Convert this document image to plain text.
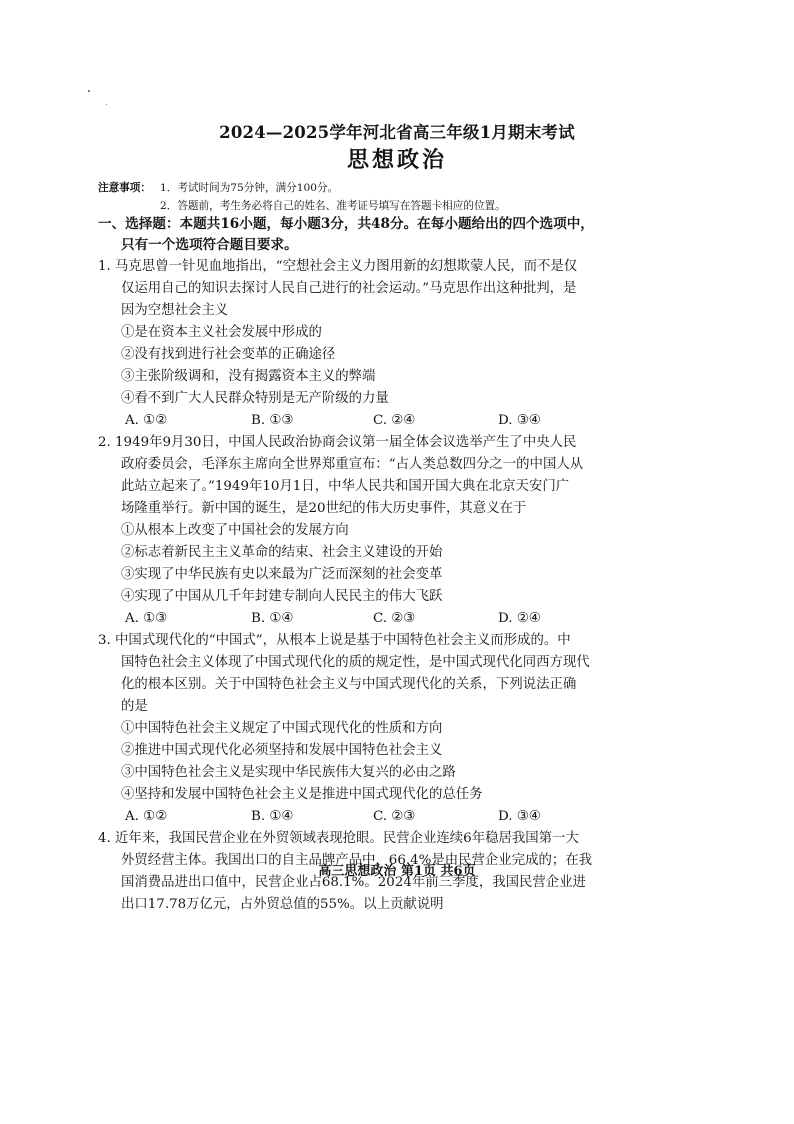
2024—2025学年河北省高三年级1月期末考试
思想政治
注意事项： 1．考试时间为75分钟，满分100分。
2．答题前，考生务必将自己的姓名、准考证号填写在答题卡相应的位置。
一、选择题：本题共16小题，每小题3分，共48分。在每小题给出的四个选项中，
只有一个选项符合题目要求。
1. 马克思曾一针见血地指出，“空想社会主义力图用新的幻想欺蒙人民，而不是仅
仅运用自己的知识去探讨人民自己进行的社会运动。”马克思作出这种批判，是
因为空想社会主义
①是在资本主义社会发展中形成的
②没有找到进行社会变革的正确途径
③主张阶级调和，没有揭露资本主义的弊端
④看不到广大人民群众特别是无产阶级的力量
A. ①②	B. ①③	C. ②④	D. ③④
2. 1949年9月30日，中国人民政治协商会议第一届全体会议选举产生了中央人民
政府委员会，毛泽东主席向全世界郑重宣布：“占人类总数四分之一的中国人从
此站立起来了。”1949年10月1日，中华人民共和国开国大典在北京天安门广
场隆重举行。新中国的诞生，是20世纪的伟大历史事件，其意义在于
①从根本上改变了中国社会的发展方向
②标志着新民主主义革命的结束、社会主义建设的开始
③实现了中华民族有史以来最为广泛而深刻的社会变革
④实现了中国从几千年封建专制向人民民主的伟大飞跃
A. ①③	B. ①④	C. ②③	D. ②④
3. 中国式现代化的“中国式”，从根本上说是基于中国特色社会主义而形成的。中
国特色社会主义体现了中国式现代化的质的规定性，是中国式现代化同西方现代
化的根本区别。关于中国特色社会主义与中国式现代化的关系，下列说法正确
的是
①中国特色社会主义规定了中国式现代化的性质和方向
②推进中国式现代化必须坚持和发展中国特色社会主义
③中国特色社会主义是实现中华民族伟大复兴的必由之路
④坚持和发展中国特色社会主义是推进中国式现代化的总任务
A. ①②	B. ①④	C. ②③	D. ③④
高三思想政治 第1页 共6页
4. 近年来，我国民营企业在外贸领域表现抢眼。民营企业连续6年稳居我国第一大
外贸经营主体。我国出口的自主品牌产品中，66.4%是由民营企业完成的；在我
国消费品进出口值中，民营企业占68.1%。2024年前三季度，我国民营企业进
出口17.78万亿元，占外贸总值的55%。以上贡献说明
